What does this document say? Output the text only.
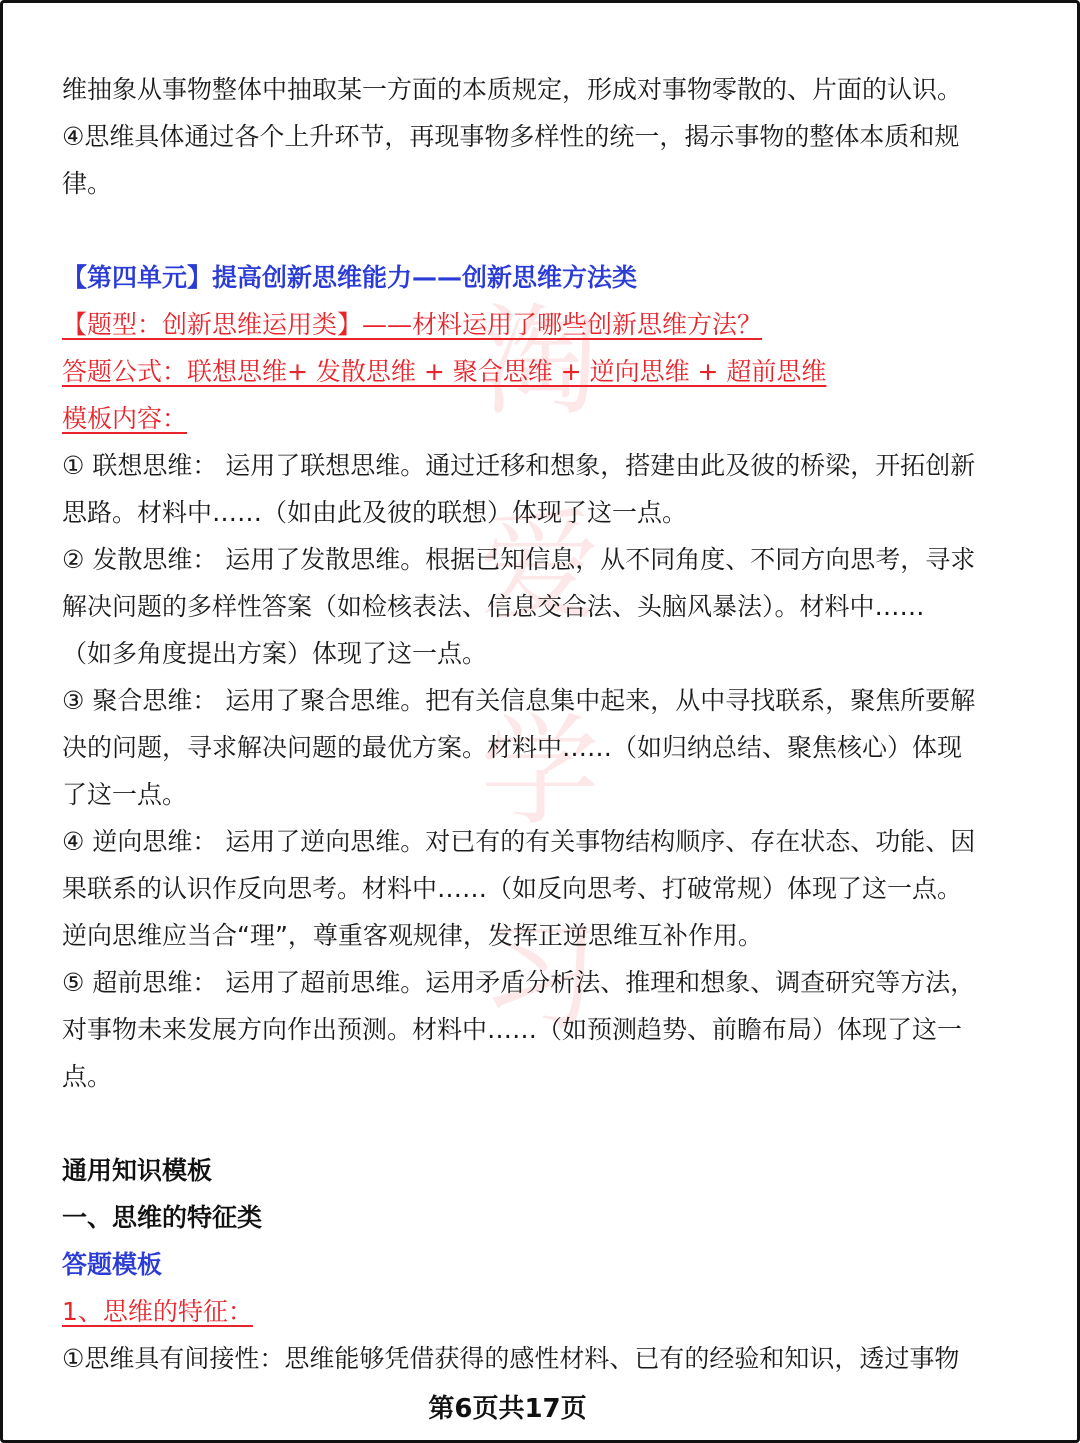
淘
爱
学
习
维抽象从事物整体中抽取某一方面的本质规定，形成对事物零散的、片面的认识。
④思维具体通过各个上升环节，再现事物多样性的统一，揭示事物的整体本质和规
律。
【第四单元】提高创新思维能力——创新思维方法类
【题型：创新思维运用类】——材料运用了哪些创新思维方法？
答题公式：联想思维+ 发散思维 + 聚合思维 + 逆向思维 + 超前思维
模板内容：
① 联想思维： 运用了联想思维。通过迁移和想象，搭建由此及彼的桥梁，开拓创新
思路。材料中……（如由此及彼的联想）体现了这一点。
② 发散思维： 运用了发散思维。根据已知信息，从不同角度、不同方向思考，寻求
解决问题的多样性答案（如检核表法、信息交合法、头脑风暴法）。材料中……
（如多角度提出方案）体现了这一点。
③ 聚合思维： 运用了聚合思维。把有关信息集中起来，从中寻找联系，聚焦所要解
决的问题，寻求解决问题的最优方案。材料中……（如归纳总结、聚焦核心）体现
了这一点。
④ 逆向思维： 运用了逆向思维。对已有的有关事物结构顺序、存在状态、功能、因
果联系的认识作反向思考。材料中……（如反向思考、打破常规）体现了这一点。
逆向思维应当合“理”，尊重客观规律，发挥正逆思维互补作用。
⑤ 超前思维： 运用了超前思维。运用矛盾分析法、推理和想象、调查研究等方法，
对事物未来发展方向作出预测。材料中……（如预测趋势、前瞻布局）体现了这一
点。
通用知识模板
一、思维的特征类
答题模板
1、思维的特征：
①思维具有间接性：思维能够凭借获得的感性材料、已有的经验和知识，透过事物
第6页共17页
